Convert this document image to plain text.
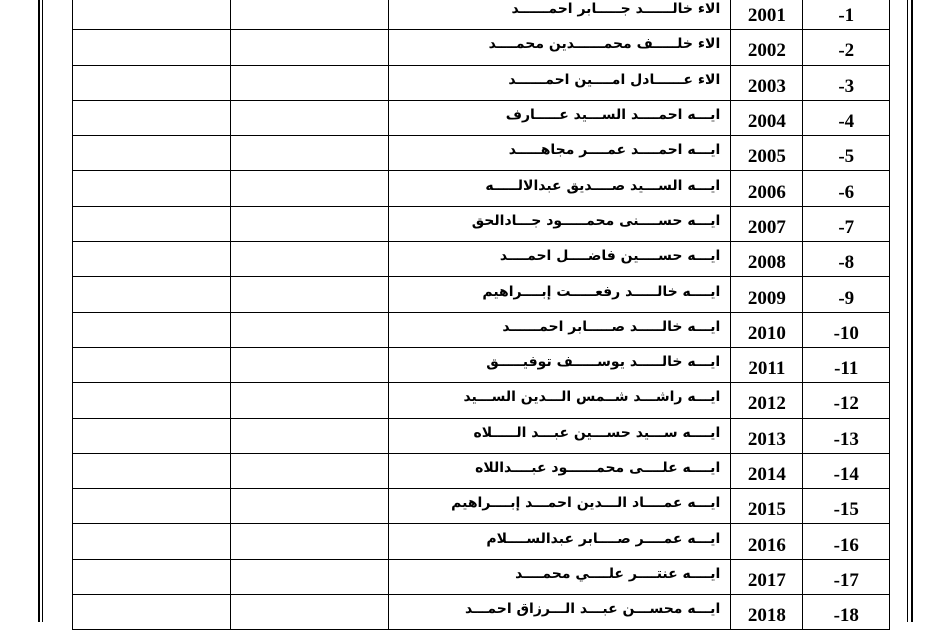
		الاء خالــــــد جـــــابر احمــــــد	2001	-1
		الاء خلـــــف محمــــــدين محمــــد	2002	-2
		الاء عــــــادل امــــين احمــــــد	2003	-3
		ايـــه احمــــد الســـيد عـــــارف	2004	-4
		ايـــه احمــــد عمــــر مجاهـــــد	2005	-5
		ايـــه الســـيد صــــديق عبدالالـــــه	2006	-6
		ايـــه حســــنى محمـــــود جـــادالحق	2007	-7
		ايـــه حســــين فاضــــل احمــــد	2008	-8
		ايــــه خالـــــد رفعـــــت إبــــراهيم	2009	-9
		ايـــه خالـــــد صـــــابر احمــــــد	2010	-10
		ايـــه خالـــــد يوســـــف توفيـــــق	2011	-11
		ايـــه راشـــد شــمس الـــدين الســـيد	2012	-12
		ايــــه ســـيد حســـين عبـــد الـــــلاه	2013	-13
		ايــــه علــــى محمــــــود عبــــداللاه	2014	-14
		ايـــه عمــــاد الـــدين احمـــد إبــــراهيم	2015	-15
		ايـــه عمــــر صــــابر عبدالســــلام	2016	-16
		ايــــه عنتــــر علــــي محمــــد	2017	-17
		ايـــه محســـن عبـــد الـــرزاق احمـــد	2018	-18
